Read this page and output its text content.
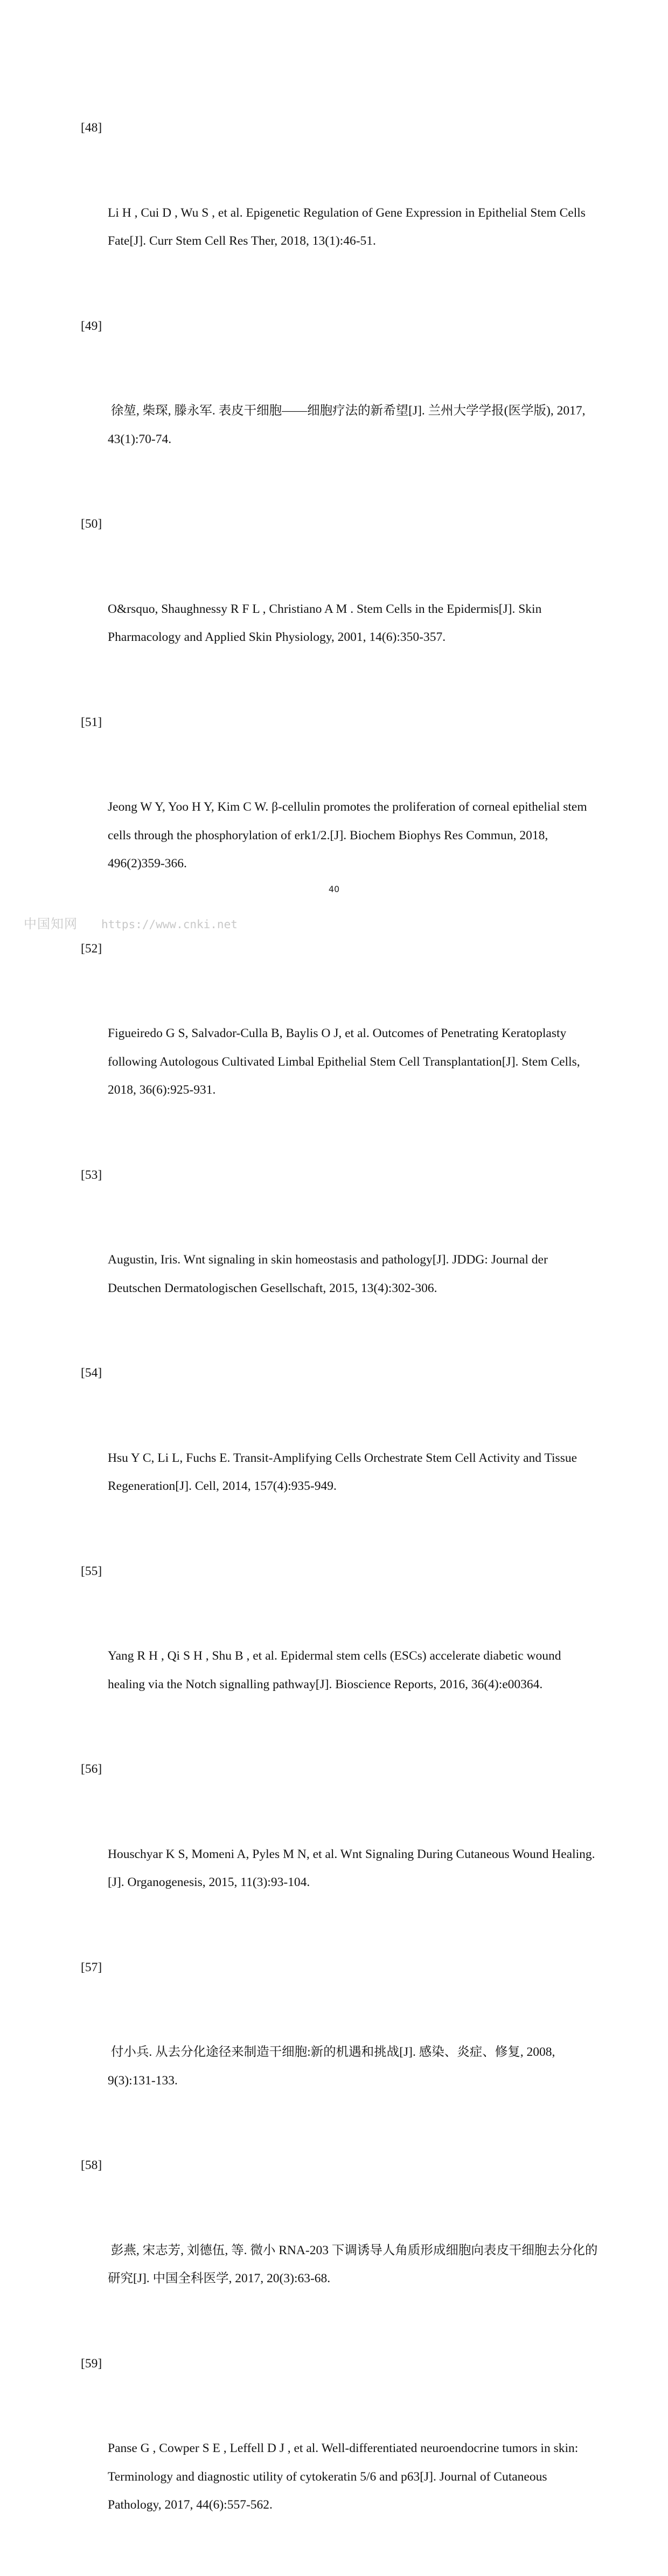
[48]

Li H , Cui D , Wu S , et al. Epigenetic Regulation of Gene Expression in Epithelial Stem Cells Fate[J]. Curr Stem Cell Res Ther, 2018, 13(1):46-51.

[49]

徐堃, 柴琛, 滕永军. 表皮干细胞——细胞疗法的新希望[J]. 兰州大学学报(医学版), 2017, 43(1):70-74.

[50]

O&rsquo, Shaughnessy R F L , Christiano A M . Stem Cells in the Epidermis[J]. Skin Pharmacology and Applied Skin Physiology, 2001, 14(6):350-357.

[51]

Jeong W Y, Yoo H Y, Kim C W. β-cellulin promotes the proliferation of corneal epithelial stem cells through the phosphorylation of erk1/2.[J]. Biochem Biophys Res Commun, 2018, 496(2)359-366.

[52]

Figueiredo G S, Salvador-Culla B, Baylis O J, et al. Outcomes of Penetrating Keratoplasty following Autologous Cultivated Limbal Epithelial Stem Cell Transplantation[J]. Stem Cells, 2018, 36(6):925-931.

[53]

Augustin, Iris. Wnt signaling in skin homeostasis and pathology[J]. JDDG: Journal der Deutschen Dermatologischen Gesellschaft, 2015, 13(4):302-306.

[54]

Hsu Y C, Li L, Fuchs E. Transit-Amplifying Cells Orchestrate Stem Cell Activity and Tissue Regeneration[J]. Cell, 2014, 157(4):935-949.

[55]

Yang R H , Qi S H , Shu B , et al. Epidermal stem cells (ESCs) accelerate diabetic wound healing via the Notch signalling pathway[J]. Bioscience Reports, 2016, 36(4):e00364.

[56]

Houschyar K S, Momeni A, Pyles M N, et al. Wnt Signaling During Cutaneous Wound Healing.[J]. Organogenesis, 2015, 11(3):93-104.

[57]

付小兵. 从去分化途径来制造干细胞:新的机遇和挑战[J]. 感染、炎症、修复, 2008, 9(3):131-133.

[58]

彭燕, 宋志芳, 刘德伍, 等. 微小 RNA-203 下调诱导人角质形成细胞向表皮干细胞去分化的研究[J]. 中国全科医学, 2017, 20(3):63-68.

[59]

Panse G , Cowper S E , Leffell D J , et al. Well-differentiated neuroendocrine tumors in skin: Terminology and diagnostic utility of cytokeratin 5/6 and p63[J]. Journal of Cutaneous Pathology, 2017, 44(6):557-562.

40
中国知网 https://www.cnki.net
